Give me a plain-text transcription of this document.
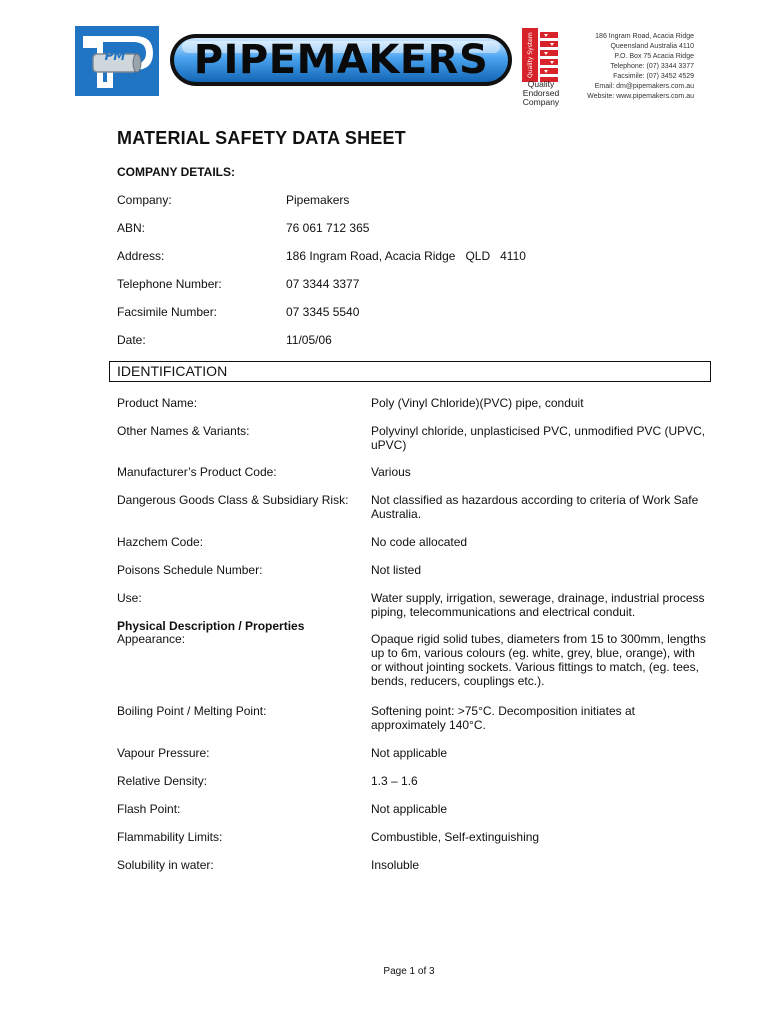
PM	PIPEMAKERS	Quality System
Quality
Endorsed
Company
186 Ingram Road, Acacia Ridge
Queensland Australia 4110
P.O. Box 75 Acacia Ridge
Telephone: (07) 3344 3377
Facsimile: (07) 3452 4529
Email: dm@pipemakers.com.au
Website: www.pipemakers.com.au
MATERIAL SAFETY DATA SHEET
COMPANY DETAILS:
Company:	Pipemakers
ABN:	76 061 712 365
Address:	186 Ingram Road, Acacia Ridge   QLD   4110
Telephone Number:	07 3344 3377
Facsimile Number:	07 3345 5540
Date:	11/05/06
IDENTIFICATION
Product Name:	Poly (Vinyl Chloride)(PVC) pipe, conduit
Other Names & Variants:	Polyvinyl chloride, unplasticised PVC, unmodified PVC (UPVC, uPVC)
Manufacturer’s Product Code:	Various
Dangerous Goods Class & Subsidiary Risk: Not classified as hazardous according to criteria of Work Safe Australia.
Hazchem Code:	No code allocated
Poisons Schedule Number:	Not listed
Use:	Water supply, irrigation, sewerage, drainage, industrial process piping, telecommunications and electrical conduit.
Physical Description / Properties
Appearance:	Opaque rigid solid tubes, diameters from 15 to 300mm, lengths up to 6m, various colours (eg. white, grey, blue, orange), with or without jointing sockets. Various fittings to match, (eg. tees, bends, reducers, couplings etc.).
Boiling Point / Melting Point:	Softening point: >75°C. Decomposition initiates at approximately 140°C.
Vapour Pressure:	Not applicable
Relative Density:	1.3 – 1.6
Flash Point:	Not applicable
Flammability Limits:	Combustible, Self-extinguishing
Solubility in water:	Insoluble
Page 1 of 3
